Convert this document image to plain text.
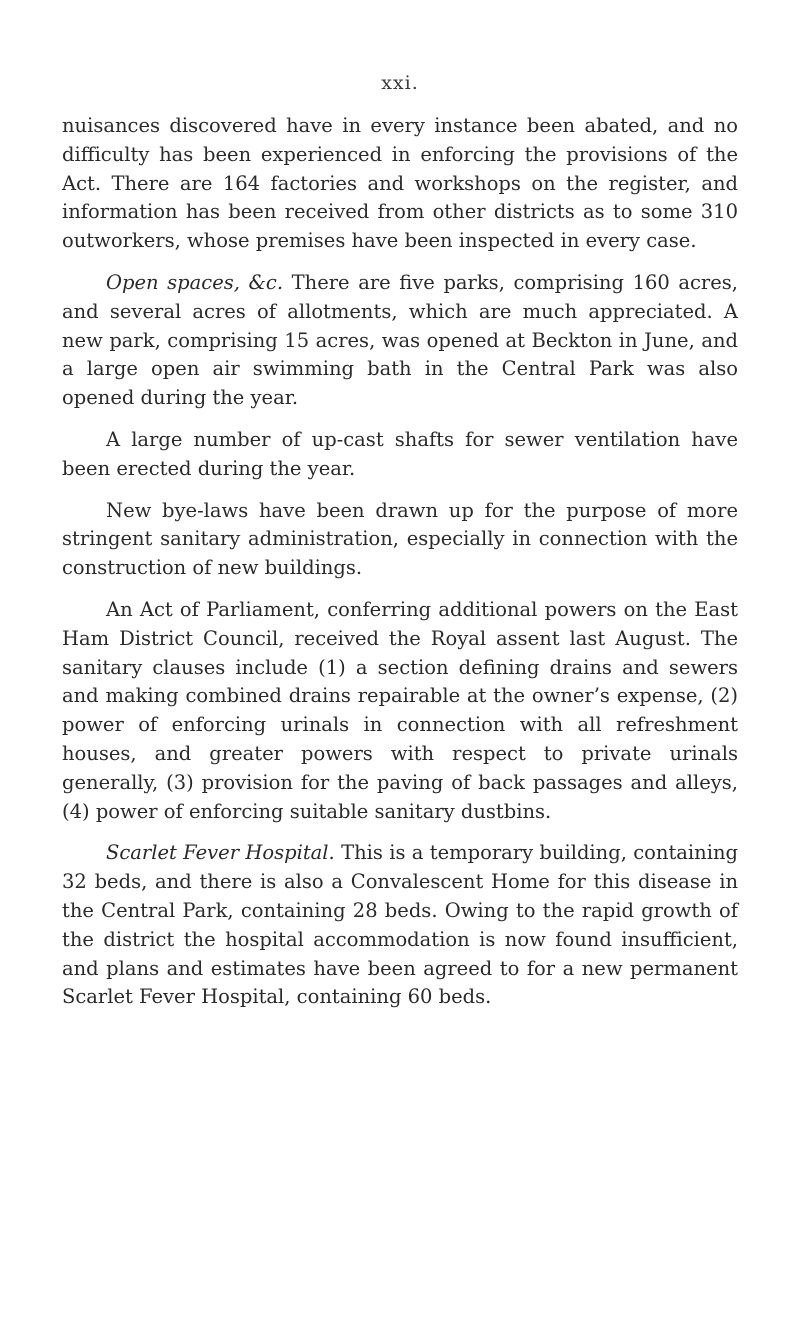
xxi.

nuisances discovered have in every instance been abated, and no difficulty has been experienced in enforcing the provisions of the Act. There are 164 factories and workshops on the register, and information has been received from other districts as to some 310 outworkers, whose premises have been inspected in every case.

Open spaces, &c. There are five parks, comprising 160 acres, and several acres of allotments, which are much appreciated. A new park, comprising 15 acres, was opened at Beckton in June, and a large open air swimming bath in the Central Park was also opened during the year.

A large number of up-cast shafts for sewer ventilation have been erected during the year.

New bye-laws have been drawn up for the purpose of more stringent sanitary administration, especially in connection with the construction of new buildings.

An Act of Parliament, conferring additional powers on the East Ham District Council, received the Royal assent last August. The sanitary clauses include (1) a section defining drains and sewers and making combined drains repairable at the owner’s expense, (2) power of enforcing urinals in connection with all refreshment houses, and greater powers with respect to private urinals generally, (3) provision for the paving of back passages and alleys, (4) power of enforcing suitable sanitary dustbins.

Scarlet Fever Hospital. This is a temporary building, containing 32 beds, and there is also a Convalescent Home for this disease in the Central Park, containing 28 beds. Owing to the rapid growth of the district the hospital accommodation is now found insufficient, and plans and estimates have been agreed to for a new permanent Scarlet Fever Hospital, containing 60 beds.
